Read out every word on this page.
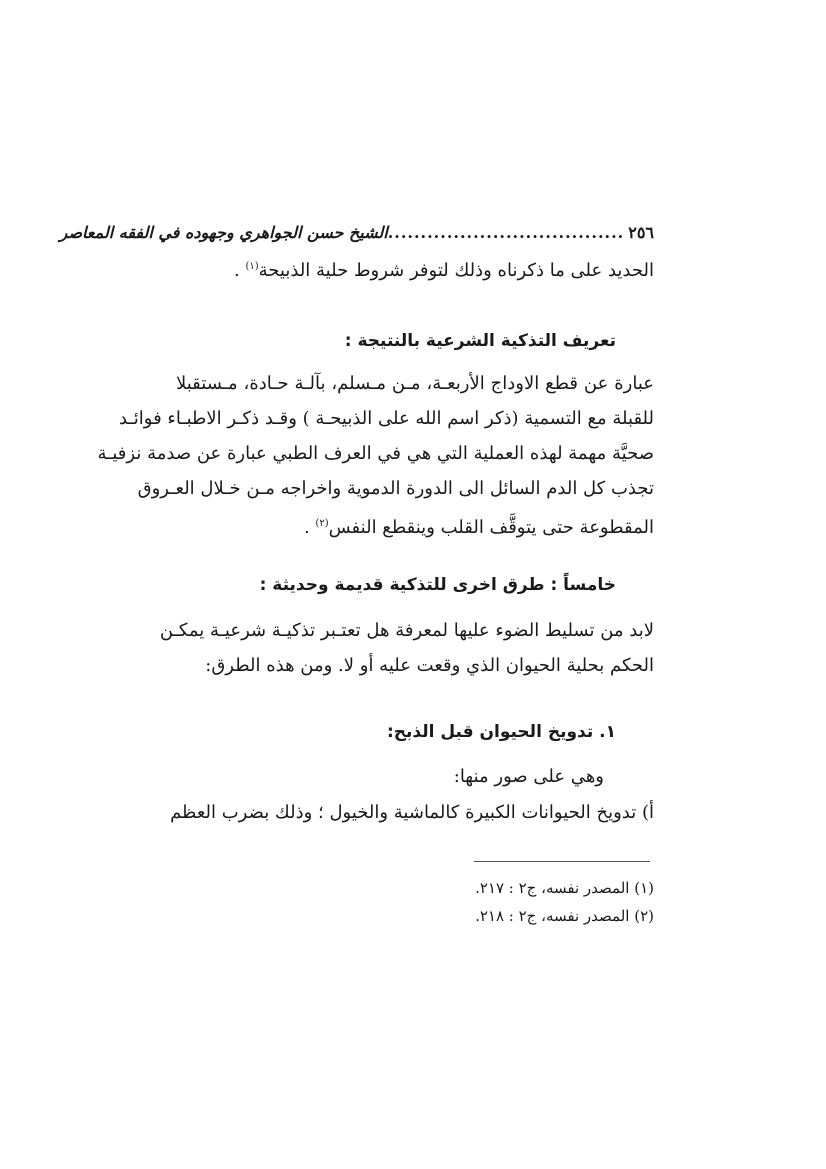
٢٥٦
....................................
الشيخ حسن الجواهري وجهوده في الفقه المعاصر
الحديد على ما ذكرناه وذلك لتوفر شروط حلية الذبيحة$^{(١)}$ .
تعريف التذكية الشرعية بالنتيجة :
عبارة عن قطع الاوداج الأربعـة، مـن مـسلم، بآلـة حـادة، مـستقبلا
للقبلة مع التسمية (ذكر اسم الله على الذبيحـة ) وقـد ذكـر الاطبـاء فوائـد
صحيَّة مهمة لهذه العملية التي هي في العرف الطبي عبارة عن صدمة نزفيـة
تجذب كل الدم السائل الى الدورة الدموية واخراجه مـن خـلال العـروق
المقطوعة حتى يتوقَّف القلب وينقطع النفس$^{(٢)}$ .
خامساً : طرق اخرى للتذكية قديمة وحديثة :
لابد من تسليط الضوء عليها لمعرفة هل تعتـبر تذكيـة شرعيـة يمكـن
الحكم بحلية الحيوان الذي وقعت عليه أو لا. ومن هذه الطرق:
١. تدويخ الحيوان قبل الذبح:
وهي على صور منها:
أ) تدويخ الحيوانات الكبيرة كالماشية والخيول ؛ وذلك بضرب العظم
(١) المصدر نفسه، ج٢ : ٢١٧.
(٢) المصدر نفسه، ج٢ : ٢١٨.
